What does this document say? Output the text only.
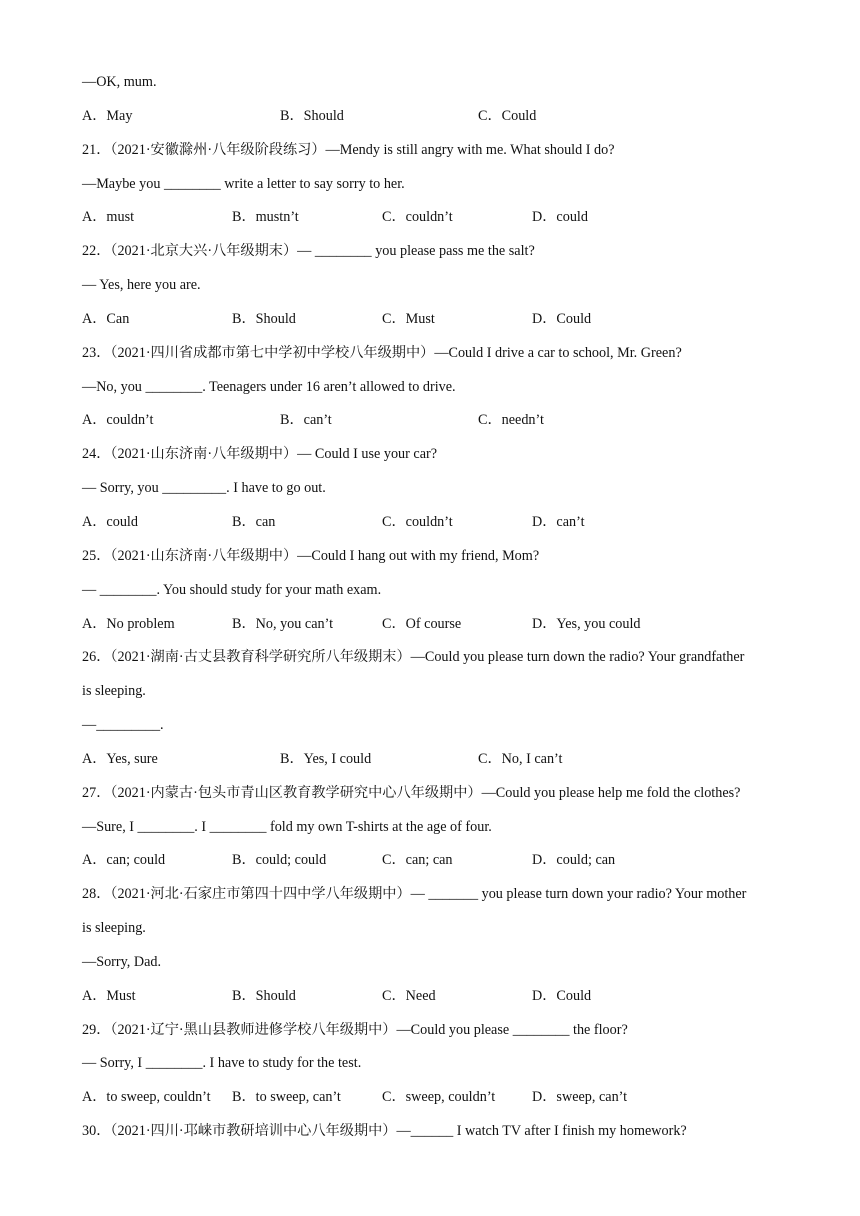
—OK, mum.
A．May	B．Should	C．Could
21．（2021·安徽滁州·八年级阶段练习）—Mendy is still angry with me. What should I do?
—Maybe you ________ write a letter to say sorry to her.
A．must	B．mustn’t	C．couldn’t	D．could
22．（2021·北京大兴·八年级期末）— ________ you please pass me the salt?
— Yes, here you are.
A．Can	B．Should	C．Must	D．Could
23．（2021·四川省成都市第七中学初中学校八年级期中）—Could I drive a car to school, Mr. Green?
—No, you ________. Teenagers under 16 aren’t allowed to drive.
A．couldn’t	B．can’t	C．needn’t
24．（2021·山东济南·八年级期中）— Could I use your car?
— Sorry, you _________. I have to go out.
A．could	B．can	C．couldn’t	D．can’t
25．（2021·山东济南·八年级期中）—Could I hang out with my friend, Mom?
— ________. You should study for your math exam.
A．No problem	B．No, you can’t	C．Of course	D．Yes, you could
26．（2021·湖南·古丈县教育科学研究所八年级期末）—Could you please turn down the radio? Your grandfather
is sleeping.
—_________.
A．Yes, sure	B．Yes, I could	C．No, I can’t
27．（2021·内蒙古·包头市青山区教育教学研究中心八年级期中）—Could you please help me fold the clothes?
—Sure, I ________. I ________ fold my own T-shirts at the age of four.
A．can; could	B．could; could	C．can; can	D．could; can
28．（2021·河北·石家庄市第四十四中学八年级期中）— _______ you please turn down your radio? Your mother
is sleeping.
—Sorry, Dad.
A．Must	B．Should	C．Need	D．Could
29．（2021·辽宁·黑山县教师进修学校八年级期中）—Could you please ________ the floor?
— Sorry, I ________. I have to study for the test.
A．to sweep, couldn’t	B．to sweep, can’t	C．sweep, couldn’t	D．sweep, can’t
30．（2021·四川·邛崃市教研培训中心八年级期中）—______ I watch TV after I finish my homework?
